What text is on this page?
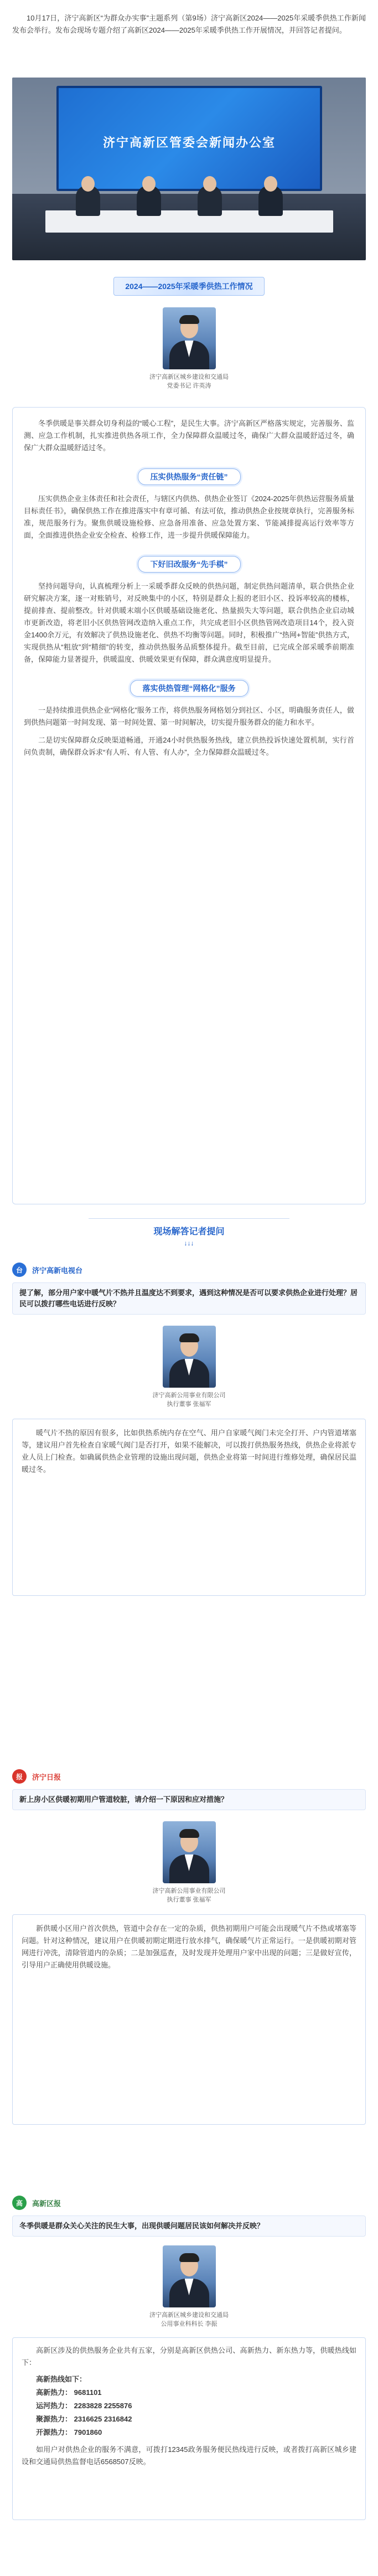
10月17日，济宁高新区“为群众办实事”主题系列（第9场）济宁高新区2024——2025年采暖季供热工作新闻发布会举行。发布会现场专题介绍了高新区2024——2025年采暖季供热工作开展情况，并回答记者提问。

济宁高新区管委会新闻办公室
2024——2025年采暖季供热工作情况
济宁高新区城乡建设和交通局
党委书记 许英涛

冬季供暖是事关群众切身利益的“暖心工程”，是民生大事。济宁高新区严格落实规定，完善服务、监测、应急工作机制，扎实推进供热各项工作，全力保障群众温暖过冬，确保广大群众温暖舒适过冬，确保广大群众温暖舒适过冬。

压实供热服务“责任链”

压实供热企业主体责任和社会责任，与辖区内供热、供热企业签订《2024-2025年供热运营服务质量目标责任书》，确保供热工作在推进落实中有章可循、有法可依，推动供热企业按规章执行，完善服务标准，规范服务行为。聚焦供暖设施检修、应急备用准备、应急处置方案、节能减排提高运行效率等方面，全面推进供热企业安全检查、检修工作，进一步提升供暖保障能力。

下好旧改服务“先手棋”

坚持问题导向，认真梳理分析上一采暖季群众反映的供热问题，制定供热问题清单，联合供热企业研究解决方案，逐一对账销号，对反映集中的小区，特别是群众上报的老旧小区、投诉率较高的楼栋，提前排查、提前整改。针对供暖末端小区供暖基础设施老化、热量损失大等问题，联合供热企业启动城市更新改造，将老旧小区供热管网改造纳入重点工作，共完成老旧小区供热管网改造项目14个，投入资金1400余万元，有效解决了供热设施老化、供热不均衡等问题。同时，积极推广“热网+智能”供热方式，实现供热从“粗放”到“精细”的转变，推动供热服务品质整体提升。截至目前，已完成全部采暖季前期准备，保障能力显著提升，供暖温度、供暖效果更有保障，群众满意度明显提升。

落实供热管理“网格化”服务

一是持续推进供热企业“网格化”服务工作，将供热服务网格划分到社区、小区，明确服务责任人，做到供热问题第一时间发现、第一时间处置、第一时间解决，切实提升服务群众的能力和水平。

二是切实保障群众反映渠道畅通，开通24小时供热服务热线，建立供热投诉快速处置机制，实行首问负责制，确保群众诉求“有人听、有人管、有人办”，全力保障群众温暖过冬。

现场解答记者提问
↓↓↓
台	济宁高新电视台
提了解，部分用户家中暖气片不热并且温度达不到要求，遇到这种情况是否可以要求供热企业进行处理？居民可以拨打哪些电话进行反映？
济宁高新公用事业有限公司
执行董事 张福军

暖气片不热的原因有很多，比如供热系统内存在空气、用户自家暖气阀门未完全打开、户内管道堵塞等，建议用户首先检查自家暖气阀门是否打开，如果不能解决，可以拨打供热服务热线，供热企业将派专业人员上门检查。如确属供热企业管理的设施出现问题，供热企业将第一时间进行维修处理，确保居民温暖过冬。

报	济宁日报
新上房小区供暖初期用户管道较脏，请介绍一下原因和应对措施？
济宁高新公用事业有限公司
执行董事 张福军

新供暖小区用户首次供热，管道中会存在一定的杂质，供热初期用户可能会出现暖气片不热或堵塞等问题。针对这种情况，建议用户在供暖初期定期进行放水排气，确保暖气片正常运行。一是供暖初期对管网进行冲洗，清除管道内的杂质；二是加强巡查，及时发现并处理用户家中出现的问题；三是做好宣传，引导用户正确使用供暖设施。

高	高新区报
冬季供暖是群众关心关注的民生大事，出现供暖问题居民该如何解决并反映？
济宁高新区城乡建设和交通局
公用事业科科长 李振

高新区涉及的供热服务企业共有五家，分别是高新区供热公司、高新热力、新东热力等，供暖热线如下：

高新热线如下：
高新热力： 9681101
运河热力： 2283828 2255876
聚源热力： 2316625 2316842
开源热力： 7901860

如用户对供热企业的服务不满意，可拨打12345政务服务便民热线进行反映，或者拨打高新区城乡建设和交通局供热监督电话6568507反映。
